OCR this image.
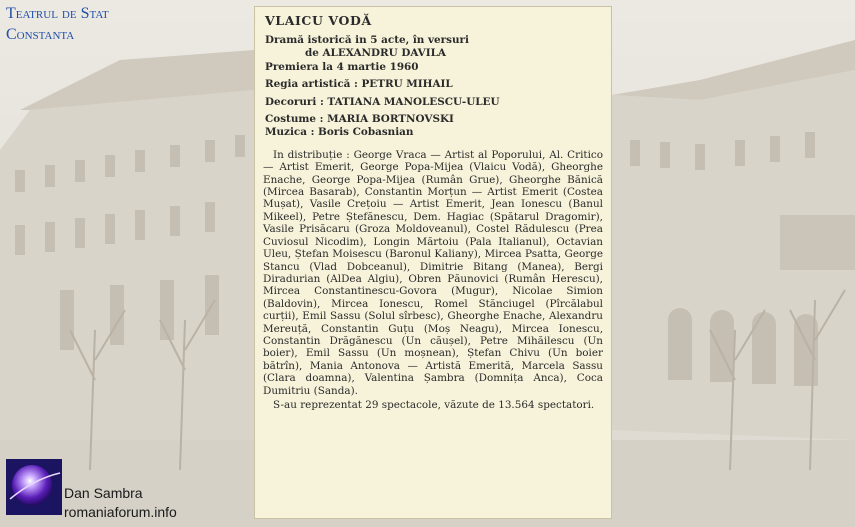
Teatrul de Stat
Constanta
VLAICU VODĂ
Dramă istorică in 5 acte, în versuri
de ALEXANDRU DAVILA
Premiera la 4 martie 1960
Regia artistică : PETRU MIHAIL
Decoruri : TATIANA MANOLESCU-ULEU
Costume : MARIA BORTNOVSKI
Muzica : Boris Cobasnian

In distribuție : George Vraca — Artist al Poporului, Al. Critico — Artist Emerit, George Popa-Mijea (Vlaicu Vodă), Gheorghe Enache, George Popa-Mijea (Rumân Grue), Gheorghe Bănică (Mircea Basarab), Constantin Morțun — Artist Emerit (Costea Mușat), Vasile Crețoiu — Artist Emerit, Jean Ionescu (Banul Mikeel), Petre Ștefănescu, Dem. Hagiac (Spătarul Dragomir), Vasile Prisăcaru (Groza Moldoveanul), Costel Rădulescu (Prea Cuviosul Nicodim), Longin Mărtoiu (Pala Italianul), Octavian Uleu, Ștefan Moisescu (Baronul Kaliany), Mircea Psatta, George Stancu (Vlad Dobceanul), Dimitrie Bitang (Manea), Bergi Diradurian (AlDea Algiu), Obren Păunovici (Rumân Herescu), Mircea Constantinescu-Govora (Mugur), Nicolae Simion (Baldovin), Mircea Ionescu, Romel Stănciugel (Pîrcălabul curții), Emil Sassu (Solul sîrbesc), Gheorghe Enache, Alexandru Mereuță, Constantin Guțu (Moș Neagu), Mircea Ionescu, Constantin Drăgănescu (Un căușel), Petre Mihăilescu (Un boier), Emil Sassu (Un moșnean), Ștefan Chivu (Un boier bătrîn), Mania Antonova — Artistă Emerită, Marcela Sassu (Clara doamna), Valentina Șambra (Domnița Anca), Coca Dumitriu (Sanda).

S-au reprezentat 29 spectacole, văzute de 13.564 spectatori.

Dan Sambra
romaniaforum.info
